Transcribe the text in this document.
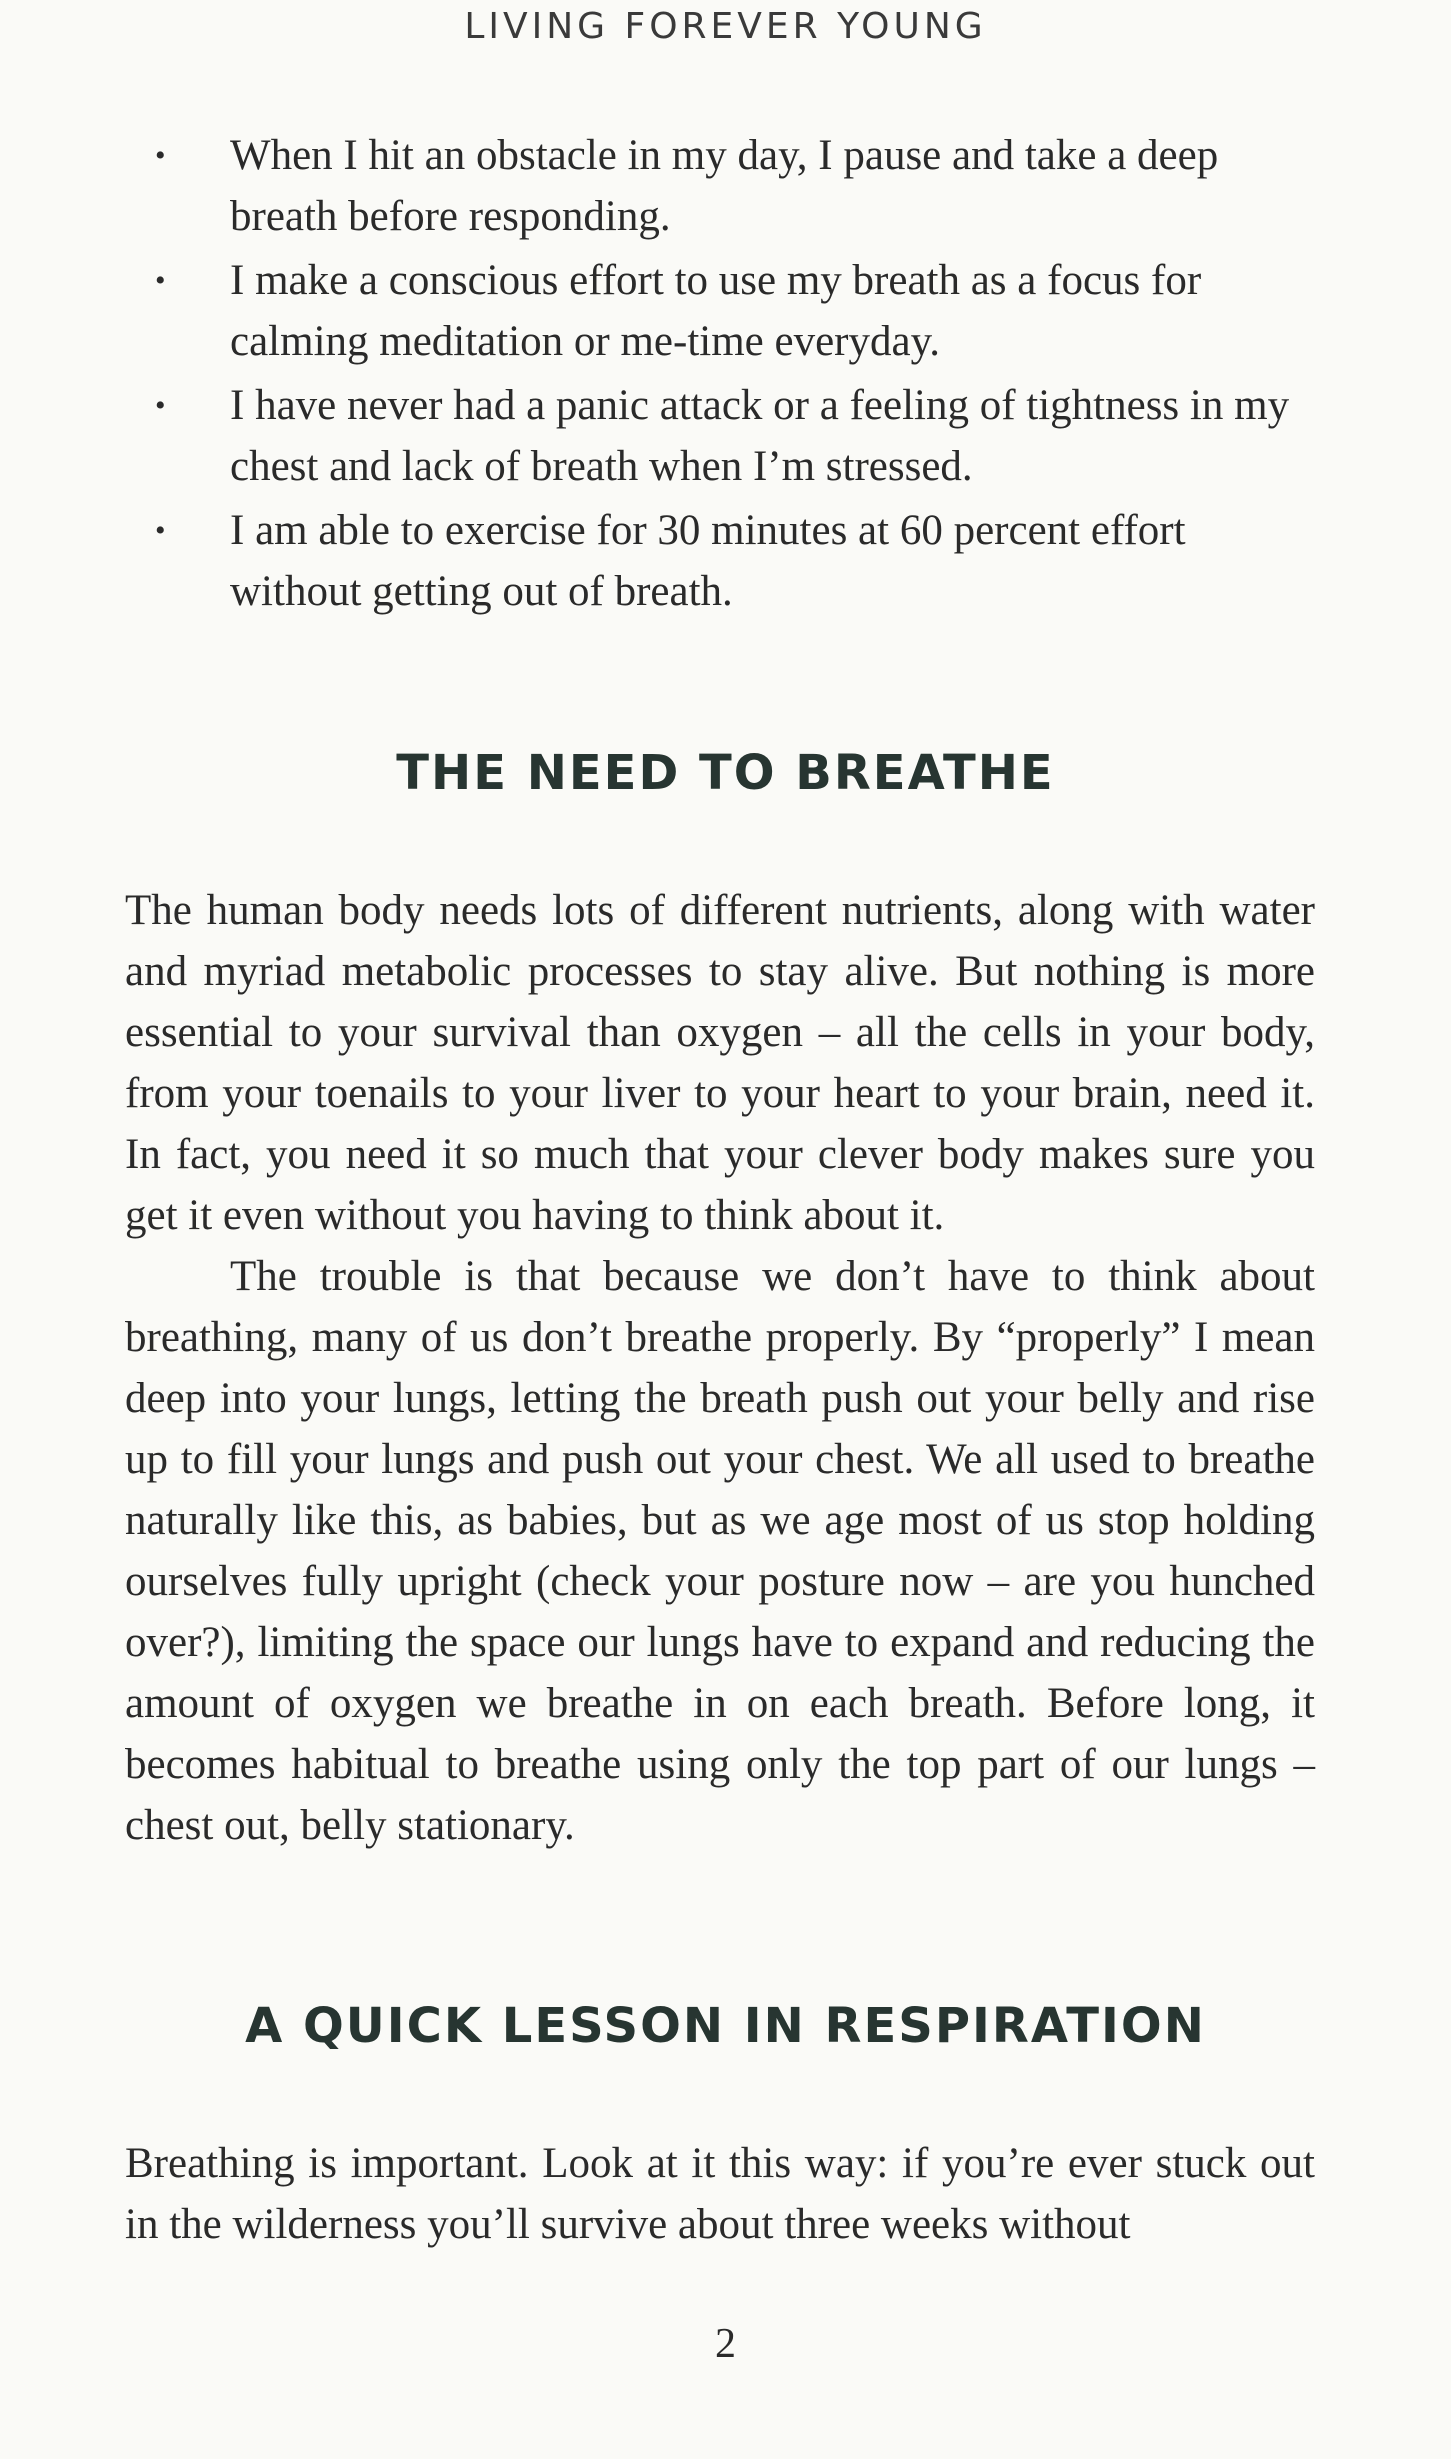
LIVING FOREVER YOUNG
• When I hit an obstacle in my day, I pause and take a deep breath before responding.
• I make a conscious effort to use my breath as a focus for calming meditation or me-time everyday.
• I have never had a panic attack or a feeling of tightness in my chest and lack of breath when I’m stressed.
• I am able to exercise for 30 minutes at 60 percent effort without getting out of breath.
THE NEED TO BREATHE

The human body needs lots of different nutrients, along with water and myriad metabolic processes to stay alive. But nothing is more essential to your survival than oxygen – all the cells in your body, from your toenails to your liver to your heart to your brain, need it. In fact, you need it so much that your clever body makes sure you get it even without you having to think about it.

The trouble is that because we don’t have to think about breathing, many of us don’t breathe properly. By “properly” I mean deep into your lungs, letting the breath push out your belly and rise up to fill your lungs and push out your chest. We all used to breathe naturally like this, as babies, but as we age most of us stop holding ourselves fully upright (check your posture now – are you hunched over?), limiting the space our lungs have to expand and reducing the amount of oxygen we breathe in on each breath. Before long, it becomes habitual to breathe using only the top part of our lungs – chest out, belly stationary.

A QUICK LESSON IN RESPIRATION

Breathing is important. Look at it this way: if you’re ever stuck out in the wilderness you’ll survive about three weeks without

2
